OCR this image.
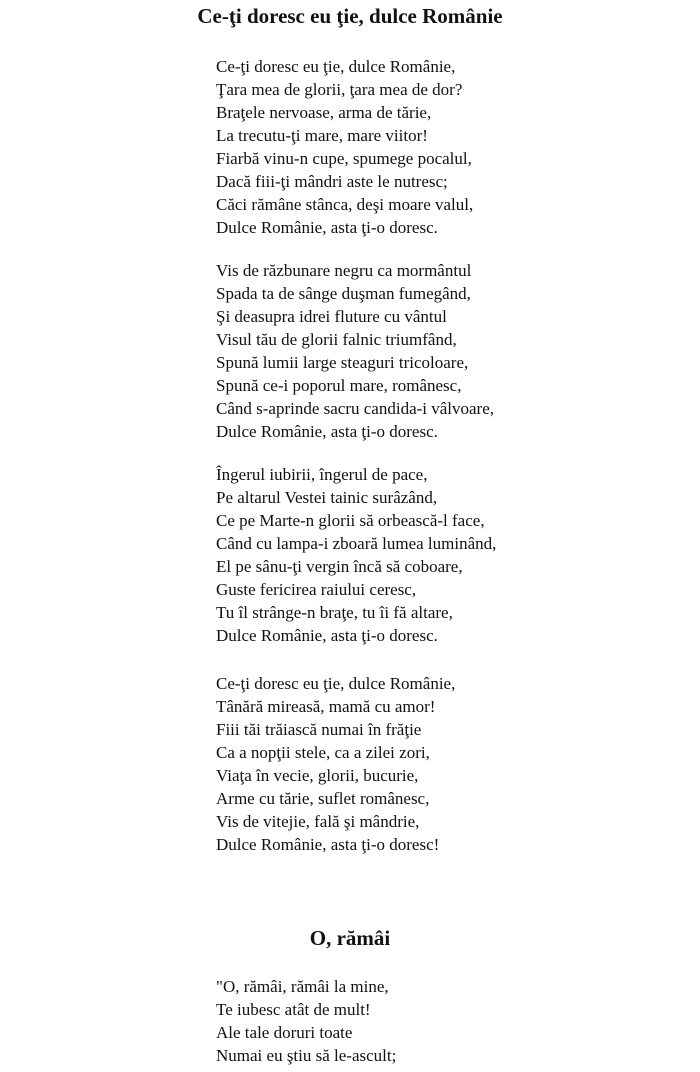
Ce-ţi doresc eu ţie, dulce Românie
Ce-ţi doresc eu ţie, dulce Românie,
Ţara mea de glorii, ţara mea de dor?
Braţele nervoase, arma de tărie,
La trecutu-ţi mare, mare viitor!
Fiarbă vinu-n cupe, spumege pocalul,
Dacă fiii-ţi mândri aste le nutresc;
Căci rămâne stânca, deşi moare valul,
Dulce Românie, asta ţi-o doresc.
Vis de răzbunare negru ca mormântul
Spada ta de sânge duşman fumegând,
Şi deasupra idrei fluture cu vântul
Visul tău de glorii falnic triumfând,
Spună lumii large steaguri tricoloare,
Spună ce-i poporul mare, românesc,
Când s-aprinde sacru candida-i vâlvoare,
Dulce Românie, asta ţi-o doresc.
Îngerul iubirii, îngerul de pace,
Pe altarul Vestei tainic surâzând,
Ce pe Marte-n glorii să orbească-l face,
Când cu lampa-i zboară lumea luminând,
El pe sânu-ţi vergin încă să coboare,
Guste fericirea raiului ceresc,
Tu îl strânge-n braţe, tu îi fă altare,
Dulce Românie, asta ţi-o doresc.
Ce-ţi doresc eu ţie, dulce Românie,
Tânără mireasă, mamă cu amor!
Fiii tăi trăiască numai în frăţie
Ca a nopţii stele, ca a zilei zori,
Viaţa în vecie, glorii, bucurie,
Arme cu tărie, suflet românesc,
Vis de vitejie, fală şi mândrie,
Dulce Românie, asta ţi-o doresc!
O, rămâi
"O, rămâi, rămâi la mine,
Te iubesc atât de mult!
Ale tale doruri toate
Numai eu ştiu să le-ascult;
